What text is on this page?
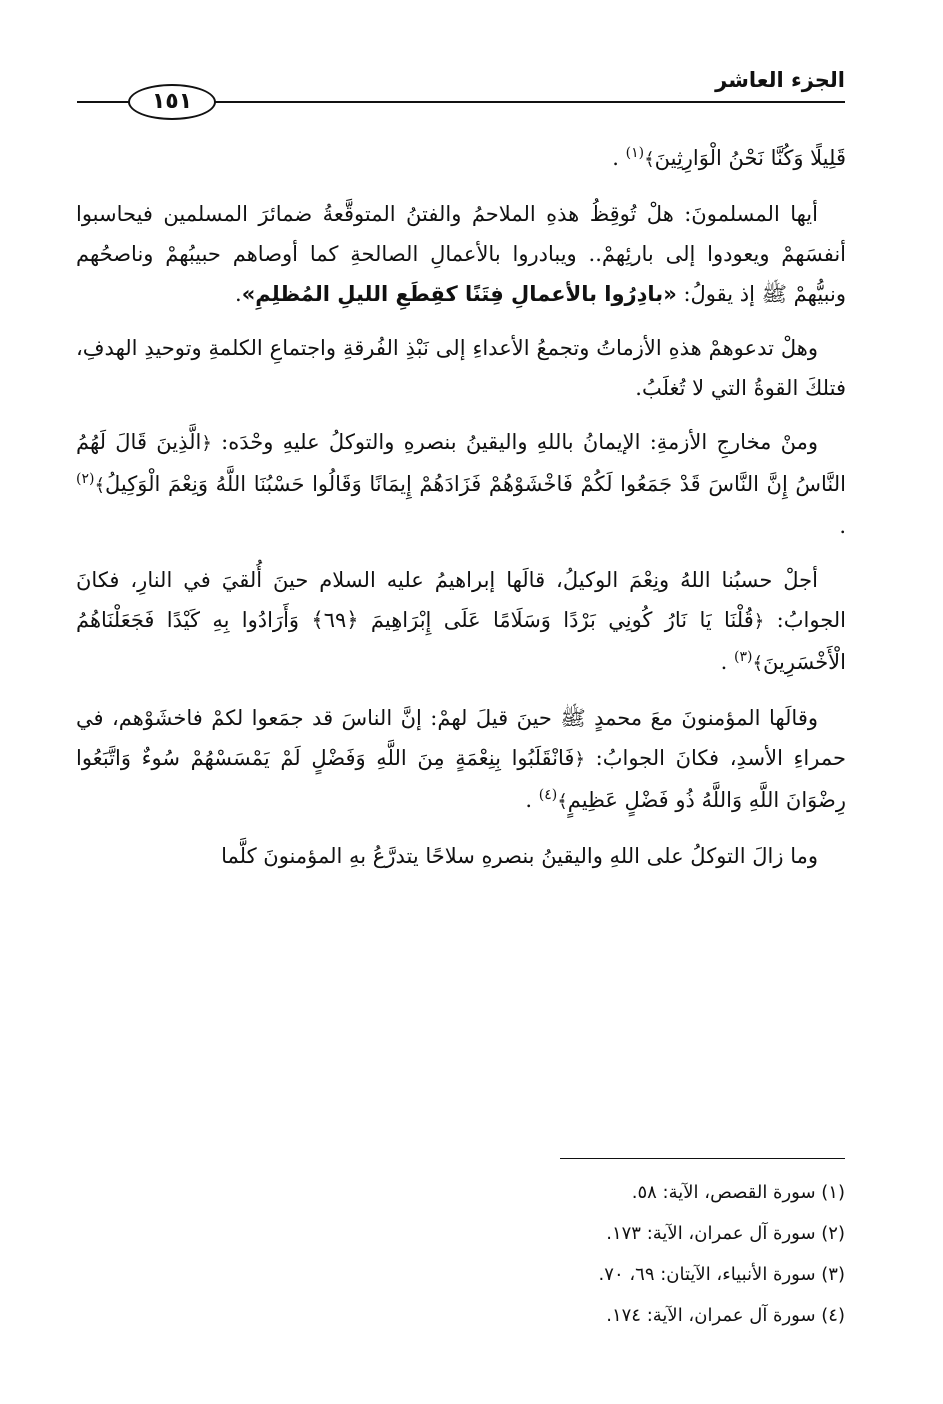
الجزء العاشر
١٥١

قَلِيلًا وَكُنَّا نَحْنُ الْوَارِثِينَ﴾$^{(١)}$ .

أيها المسلمونَ: هلْ تُوقِظُ هذهِ الملاحمُ والفتنُ المتوقَّعةُ ضمائرَ المسلمين فيحاسبوا أنفسَهمْ ويعودوا إلى بارئِهمْ.. ويبادروا بالأعمالِ الصالحةِ كما أوصاهم حبيبُهمْ وناصحُهم ونبيُّهمْ ﷺ إذ يقولُ: «بادِرُوا بالأعمالِ فِتَنًا كقِطَعِ الليلِ المُظلِمِ».

وهلْ تدعوهمْ هذهِ الأزماتُ وتجمعُ الأعداءِ إلى نَبْذِ الفُرقةِ واجتماعِ الكلمةِ وتوحيدِ الهدفِ، فتلكَ القوةُ التي لا تُغلَبُ.

ومنْ مخارجِ الأزمةِ: الإيمانُ باللهِ واليقينُ بنصرهِ والتوكلُ عليهِ وحْدَه: ﴿الَّذِينَ قَالَ لَهُمُ النَّاسُ إِنَّ النَّاسَ قَدْ جَمَعُوا لَكُمْ فَاخْشَوْهُمْ فَزَادَهُمْ إِيمَانًا وَقَالُوا حَسْبُنَا اللَّهُ وَنِعْمَ الْوَكِيلُ﴾$^{(٢)}$ .

أجلْ حسبُنا اللهُ ونِعْمَ الوكيلُ، قالَها إبراهيمُ عليه السلام حينَ أُلقيَ في النارِ، فكانَ الجوابُ: ﴿قُلْنَا يَا نَارُ كُونِي بَرْدًا وَسَلَامًا عَلَى إِبْرَاهِيمَ ﴿٦٩﴾ وَأَرَادُوا بِهِ كَيْدًا فَجَعَلْنَاهُمُ الْأَخْسَرِينَ﴾$^{(٣)}$ .

وقالَها المؤمنونَ معَ محمدٍ ﷺ حينَ قيلَ لهمْ: إنَّ الناسَ قد جمَعوا لكمْ فاخشَوْهم، في حمراءِ الأسدِ، فكانَ الجوابُ: ﴿فَانْقَلَبُوا بِنِعْمَةٍ مِنَ اللَّهِ وَفَضْلٍ لَمْ يَمْسَسْهُمْ سُوءٌ وَاتَّبَعُوا رِضْوَانَ اللَّهِ وَاللَّهُ ذُو فَضْلٍ عَظِيمٍ﴾$^{(٤)}$ .

وما زالَ التوكلُ على اللهِ واليقينُ بنصرهِ سلاحًا يتدرَّعُ بهِ المؤمنونَ كلَّما

(١) سورة القصص، الآية: ٥٨.

(٢) سورة آل عمران، الآية: ١٧٣.

(٣) سورة الأنبياء، الآيتان: ٦٩، ٧٠.

(٤) سورة آل عمران، الآية: ١٧٤.
